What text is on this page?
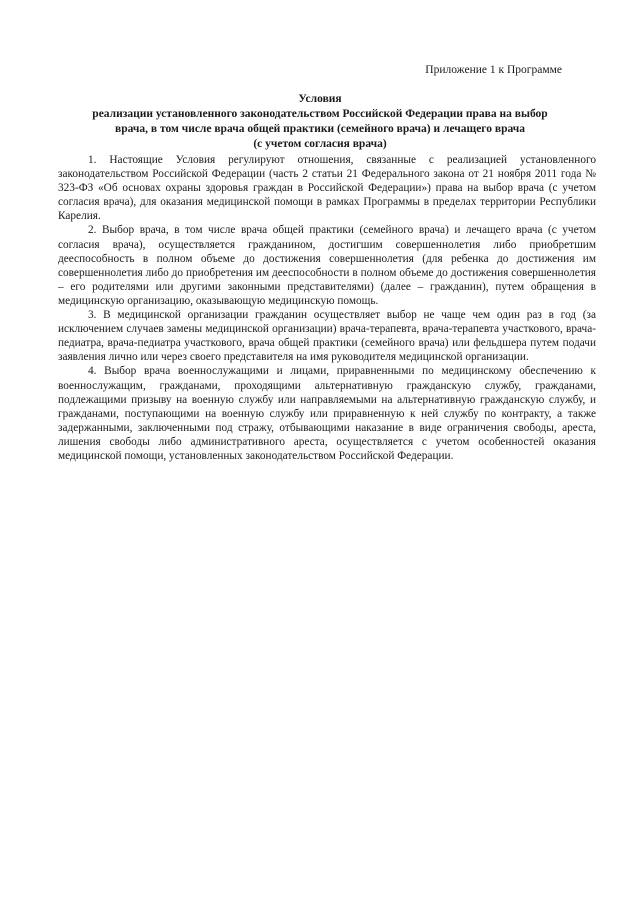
Приложение 1 к Программе
Условия
реализации установленного законодательством Российской Федерации права на выбор
врача, в том числе врача общей практики (семейного врача) и лечащего врача
(с учетом согласия врача)

1. Настоящие Условия регулируют отношения, связанные с реализацией установленного законодательством Российской Федерации (часть 2 статьи 21 Федерального закона от 21 ноября 2011 года № 323-ФЗ «Об основах охраны здоровья граждан в Российской Федерации») права на выбор врача (с учетом согласия врача), для оказания медицинской помощи в рамках Программы в пределах территории Республики Карелия.

2. Выбор врача, в том числе врача общей практики (семейного врача) и лечащего врача (с учетом согласия врача), осуществляется гражданином, достигшим совершеннолетия либо приобретшим дееспособность в полном объеме до достижения совершеннолетия (для ребенка до достижения им совершеннолетия либо до приобретения им дееспособности в полном объеме до достижения совершеннолетия – его родителями или другими законными представителями) (далее – гражданин), путем обращения в медицинскую организацию, оказывающую медицинскую помощь.

3. В медицинской организации гражданин осуществляет выбор не чаще чем один раз в год (за исключением случаев замены медицинской организации) врача-терапевта, врача-терапевта участкового, врача-педиатра, врача-педиатра участкового, врача общей практики (семейного врача) или фельдшера путем подачи заявления лично или через своего представителя на имя руководителя медицинской организации.

4. Выбор врача военнослужащими и лицами, приравненными по медицинскому обеспечению к военнослужащим, гражданами, проходящими альтернативную гражданскую службу, гражданами, подлежащими призыву на военную службу или направляемыми на альтернативную гражданскую службу, и гражданами, поступающими на военную службу или приравненную к ней службу по контракту, а также задержанными, заключенными под стражу, отбывающими наказание в виде ограничения свободы, ареста, лишения свободы либо административного ареста, осуществляется с учетом особенностей оказания медицинской помощи, установленных законодательством Российской Федерации.
